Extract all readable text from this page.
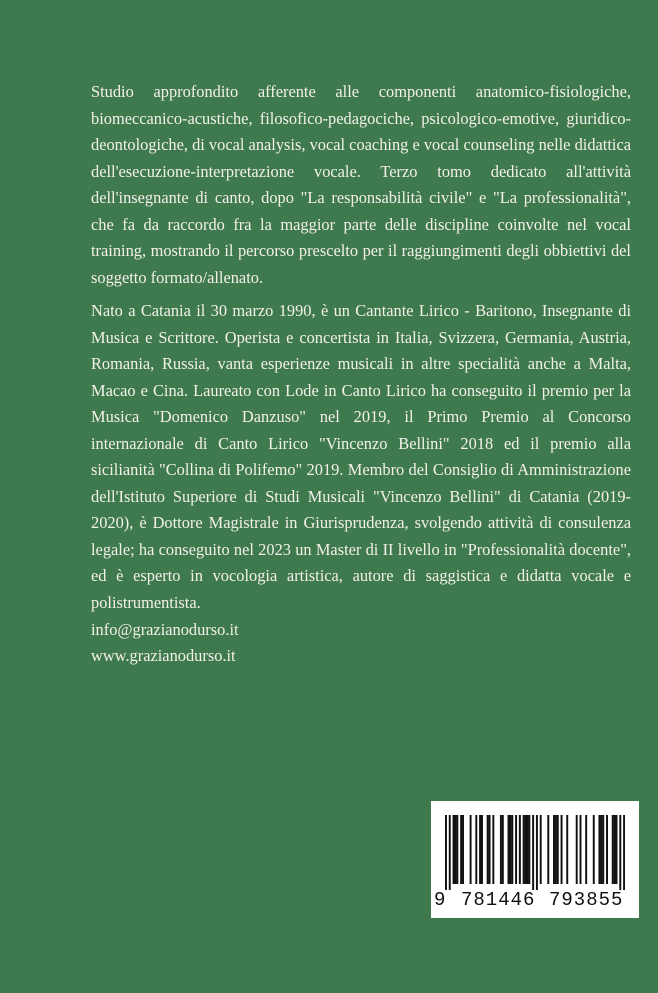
Studio approfondito afferente alle componenti anatomico-fisiologiche, biomeccanico-acustiche, filosofico-pedagociche, psicologico-emotive, giuridico-deontologiche, di vocal analysis, vocal coaching e vocal counseling nelle didattica dell'esecuzione-interpretazione vocale. Terzo tomo dedicato all'attività dell'insegnante di canto, dopo "La responsabilità civile" e "La professionalità", che fa da raccordo fra la maggior parte delle discipline coinvolte nel vocal training, mostrando il percorso prescelto per il raggiungimenti degli obbiettivi del soggetto formato/allenato.
Nato a Catania il 30 marzo 1990, è un Cantante Lirico - Baritono, Insegnante di Musica e Scrittore. Operista e concertista in Italia, Svizzera, Germania, Austria, Romania, Russia, vanta esperienze musicali in altre specialità anche a Malta, Macao e Cina. Laureato con Lode in Canto Lirico ha conseguito il premio per la Musica "Domenico Danzuso" nel 2019, il Primo Premio al Concorso internazionale di Canto Lirico "Vincenzo Bellini" 2018 ed il premio alla sicilianità "Collina di Polifemo" 2019. Membro del Consiglio di Amministrazione dell'Istituto Superiore di Studi Musicali "Vincenzo Bellini" di Catania (2019-2020), è Dottore Magistrale in Giurisprudenza, svolgendo attività di consulenza legale; ha conseguito nel 2023 un Master di II livello in "Professionalità docente", ed è esperto in vocologia artistica, autore di saggistica e didatta vocale e polistrumentista.
info@grazianodurso.it
www.grazianodurso.it
9 781446 793855
